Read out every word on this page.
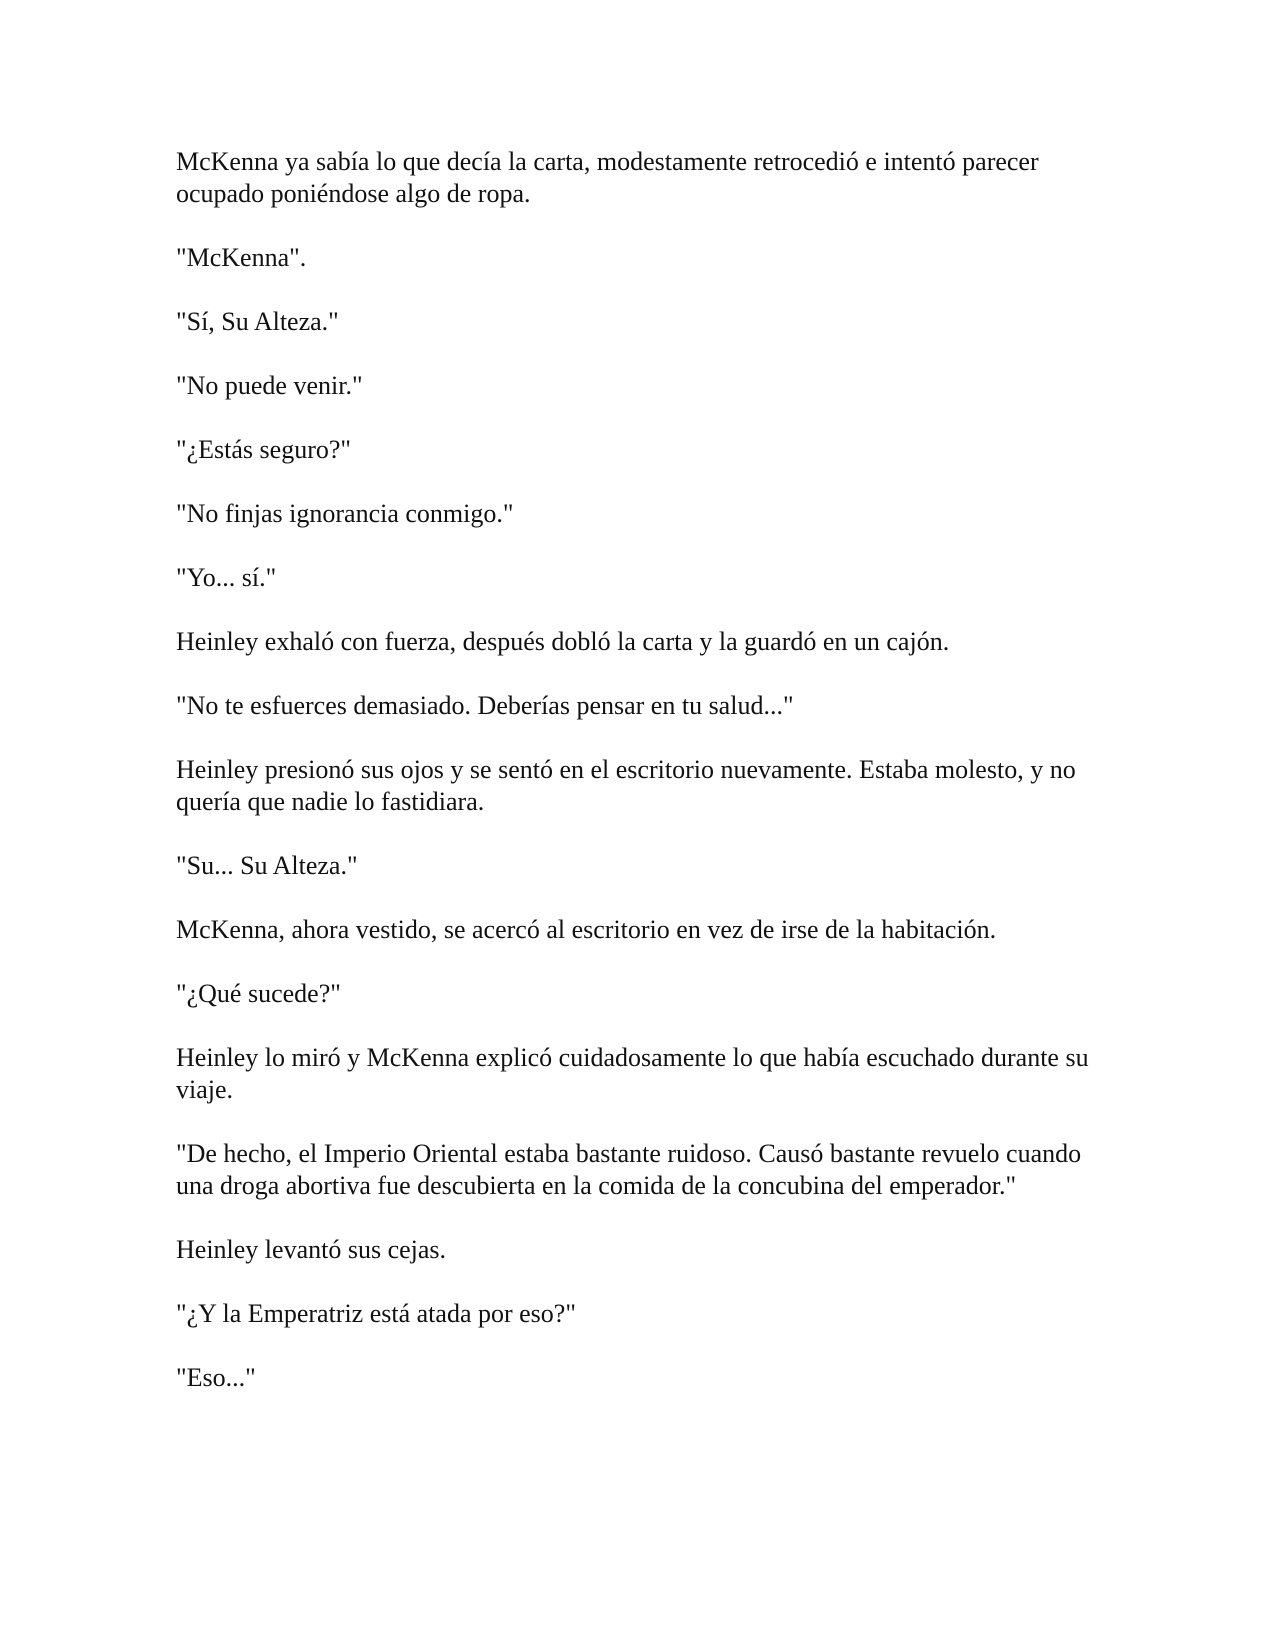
McKenna ya sabía lo que decía la carta, modestamente retrocedió e intentó parecer ocupado poniéndose algo de ropa.

"McKenna".

"Sí, Su Alteza."

"No puede venir."

"¿Estás seguro?"

"No finjas ignorancia conmigo."

"Yo... sí."

Heinley exhaló con fuerza, después dobló la carta y la guardó en un cajón.

"No te esfuerces demasiado. Deberías pensar en tu salud..."

Heinley presionó sus ojos y se sentó en el escritorio nuevamente. Estaba molesto, y no quería que nadie lo fastidiara.

"Su... Su Alteza."

McKenna, ahora vestido, se acercó al escritorio en vez de irse de la habitación.

"¿Qué sucede?"

Heinley lo miró y McKenna explicó cuidadosamente lo que había escuchado durante su viaje.

"De hecho, el Imperio Oriental estaba bastante ruidoso. Causó bastante revuelo cuando una droga abortiva fue descubierta en la comida de la concubina del emperador."

Heinley levantó sus cejas.

"¿Y la Emperatriz está atada por eso?"

"Eso..."
